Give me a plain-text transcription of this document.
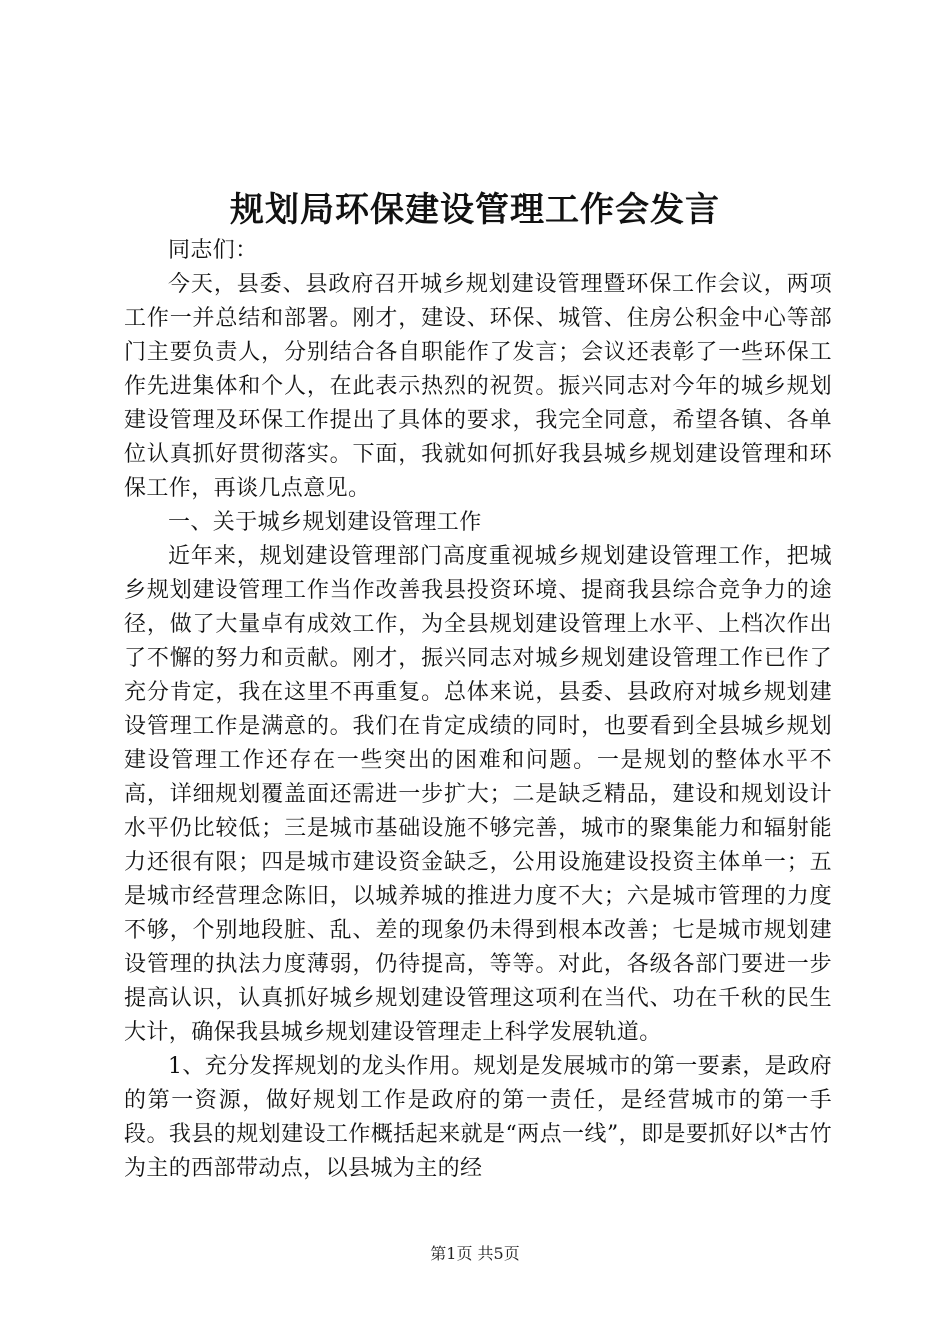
规划局环保建设管理工作会发言

同志们：

今天，县委、县政府召开城乡规划建设管理暨环保工作会议，两项工作一并总结和部署。刚才，建设、环保、城管、住房公积金中心等部门主要负责人，分别结合各自职能作了发言；会议还表彰了一些环保工作先进集体和个人，在此表示热烈的祝贺。振兴同志对今年的城乡规划建设管理及环保工作提出了具体的要求，我完全同意，希望各镇、各单位认真抓好贯彻落实。下面，我就如何抓好我县城乡规划建设管理和环保工作，再谈几点意见。

一、关于城乡规划建设管理工作

近年来，规划建设管理部门高度重视城乡规划建设管理工作，把城乡规划建设管理工作当作改善我县投资环境、提商我县综合竞争力的途径，做了大量卓有成效工作，为全县规划建设管理上水平、上档次作出了不懈的努力和贡献。刚才，振兴同志对城乡规划建设管理工作已作了充分肯定，我在这里不再重复。总体来说，县委、县政府对城乡规划建设管理工作是满意的。我们在肯定成绩的同时，也要看到全县城乡规划建设管理工作还存在一些突出的困难和问题。一是规划的整体水平不高，详细规划覆盖面还需进一步扩大；二是缺乏精品，建设和规划设计水平仍比较低；三是城市基础设施不够完善，城市的聚集能力和辐射能力还很有限；四是城市建设资金缺乏，公用设施建设投资主体单一；五是城市经营理念陈旧，以城养城的推进力度不大；六是城市管理的力度不够，个别地段脏、乱、差的现象仍未得到根本改善；七是城市规划建设管理的执法力度薄弱，仍待提高，等等。对此，各级各部门要进一步提高认识，认真抓好城乡规划建设管理这项利在当代、功在千秋的民生大计，确保我县城乡规划建设管理走上科学发展轨道。

1、充分发挥规划的龙头作用。规划是发展城市的第一要素，是政府的第一资源，做好规划工作是政府的第一责任，是经营城市的第一手段。我县的规划建设工作概括起来就是“两点一线”，即是要抓好以*古竹为主的西部带动点，以县城为主的经

第1页 共5页
